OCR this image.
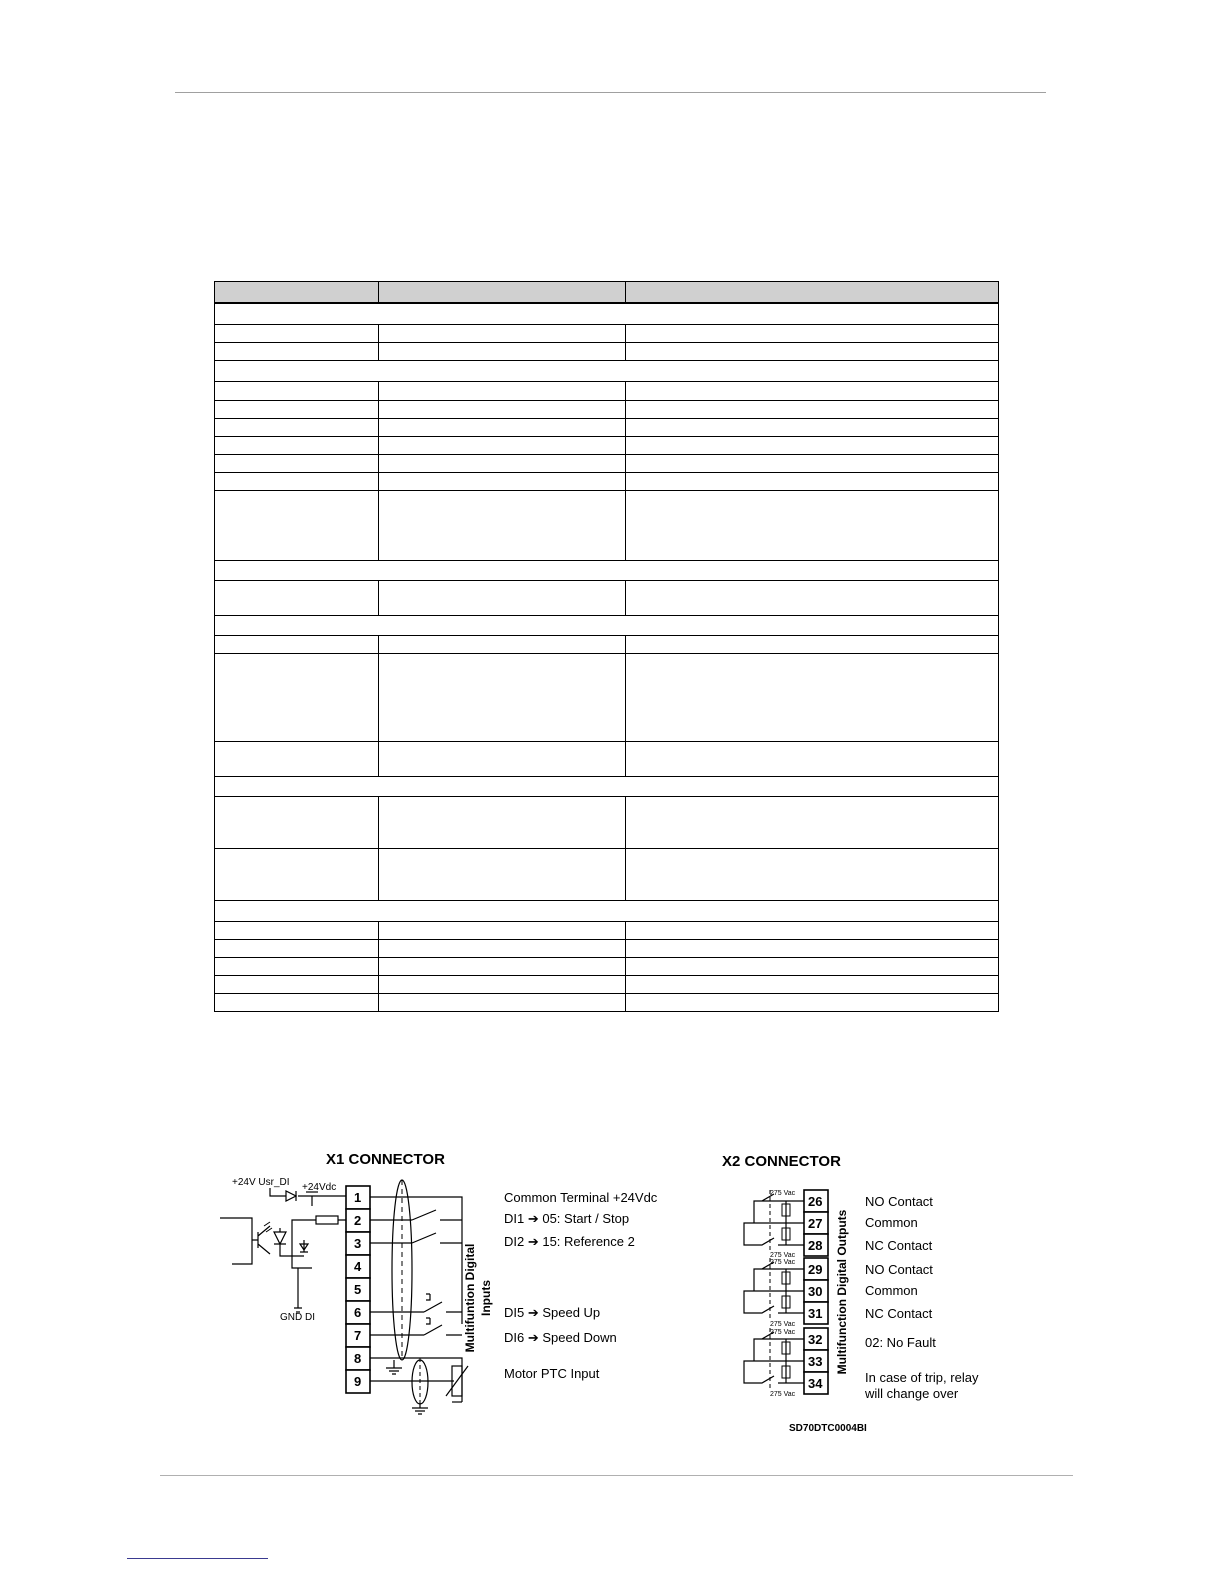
X1 CONNECTOR
+24V Usr_DI +24Vdc
GND DI
1
2
3
4
5
6
7
8
9
Multifuntion Digital Inputs
Common Terminal +24Vdc
DI1 ➔ 05: Start / Stop
DI2 ➔ 15: Reference 2
DI5 ➔ Speed Up
DI6 ➔ Speed Down
Motor PTC Input
X2 CONNECTOR
26
27
28
29
30
31
32
33
34
275 Vac
275 Vac
275 Vac
275 Vac
275 Vac
275 Vac
Multifunction Digital Outputs
NO Contact
Common
NC Contact
NO Contact
Common
NC Contact
02: No Fault
In case of trip, relay
will change over
SD70DTC0004BI
